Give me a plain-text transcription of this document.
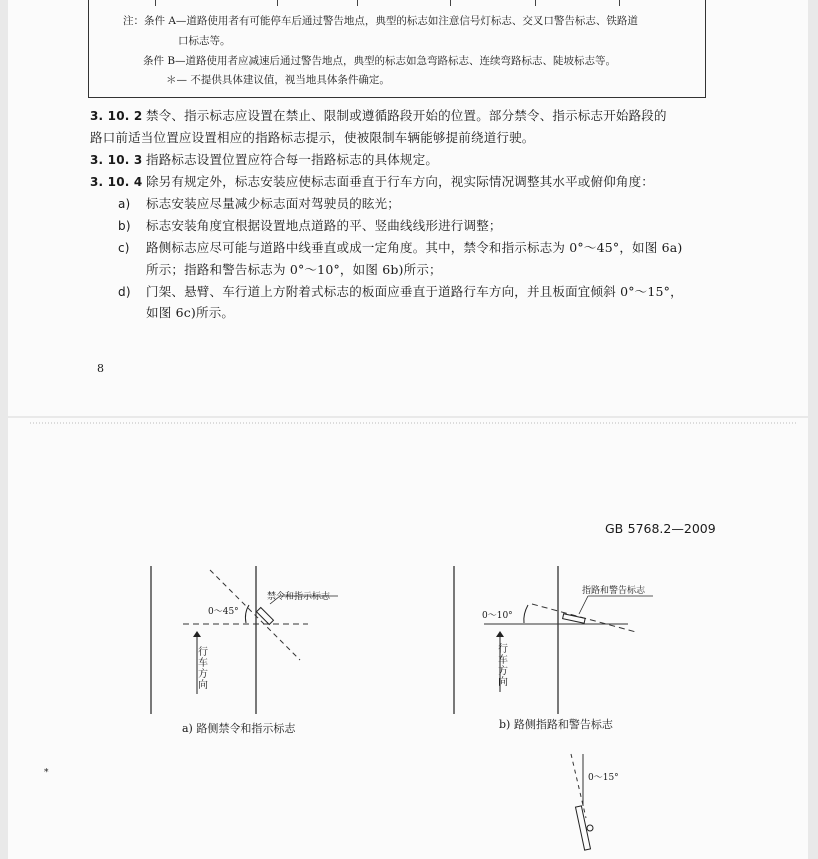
注：条件 A—道路使用者有可能停车后通过警告地点，典型的标志如注意信号灯标志、交叉口警告标志、铁路道
口标志等。
条件 B—道路使用者应减速后通过警告地点，典型的标志如急弯路标志、连续弯路标志、陡坡标志等。
＊— 不提供具体建议值，视当地具体条件确定。
3. 10. 2 禁令、指示标志应设置在禁止、限制或遵循路段开始的位置。部分禁令、指示标志开始路段的
路口前适当位置应设置相应的指路标志提示，使被限制车辆能够提前绕道行驶。
3. 10. 3 指路标志设置位置应符合每一指路标志的具体规定。
3. 10. 4 除另有规定外，标志安装应使标志面垂直于行车方向，视实际情况调整其水平或俯仰角度：
a) 标志安装应尽量减少标志面对驾驶员的眩光；
b) 标志安装角度宜根据设置地点道路的平、竖曲线线形进行调整；
c) 路侧标志应尽可能与道路中线垂直或成一定角度。其中，禁令和指示标志为 0°～45°，如图 6a)
所示；指路和警告标志为 0°～10°，如图 6b)所示；
d) 门架、悬臂、车行道上方附着式标志的板面应垂直于道路行车方向，并且板面宜倾斜 0°～15°，
如图 6c)所示。
8
GB 5768.2—2009
禁令和指示标志
0～45°
行车方向
a) 路侧禁令和指示标志
指路和警告标志
0～10°
行车方向
b) 路侧指路和警告标志
0～15°
*
